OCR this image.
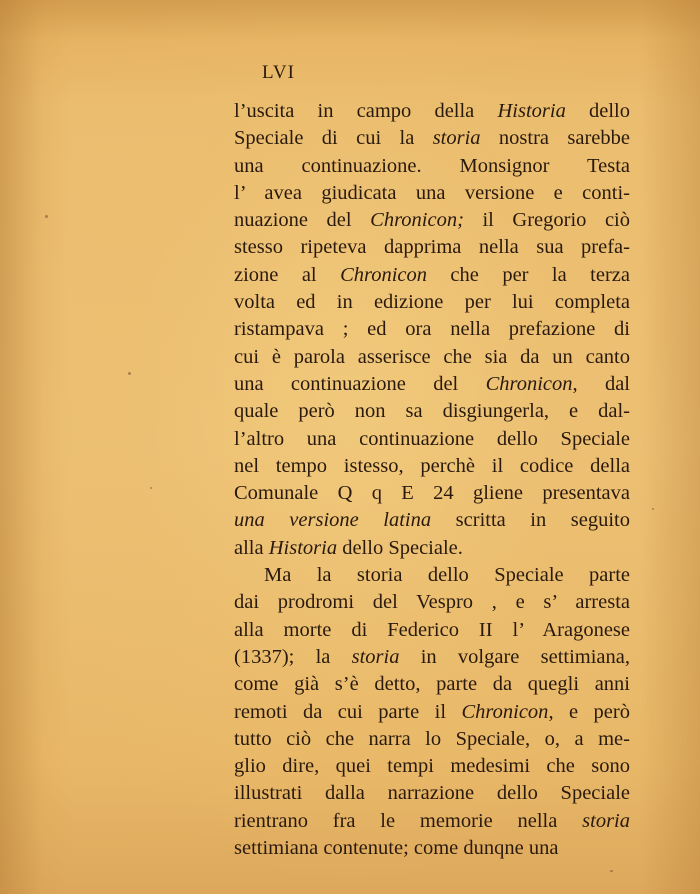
LVI
l’uscita in campo della Historia dello
Speciale di cui la storia nostra sarebbe
una continuazione. Monsignor Testa
l’ avea giudicata una versione e conti-
nuazione del Chronicon; il Gregorio ciò
stesso ripeteva dapprima nella sua prefa-
zione al Chronicon che per la terza
volta ed in edizione per lui completa
ristampava ; ed ora nella prefazione di
cui è parola asserisce che sia da un canto
una continuazione del Chronicon, dal
quale però non sa disgiungerla, e dal-
l’altro una continuazione dello Speciale
nel tempo istesso, perchè il codice della
Comunale Q q E 24 gliene presentava
una versione latina scritta in seguito
alla Historia dello Speciale.
Ma la storia dello Speciale parte
dai prodromi del Vespro , e s’ arresta
alla morte di Federico II l’ Aragonese
(1337); la storia in volgare settimiana,
come già s’è detto, parte da quegli anni
remoti da cui parte il Chronicon, e però
tutto ciò che narra lo Speciale, o, a me-
glio dire, quei tempi medesimi che sono
illustrati dalla narrazione dello Speciale
rientrano fra le memorie nella storia
settimiana contenute; come dunqne una
